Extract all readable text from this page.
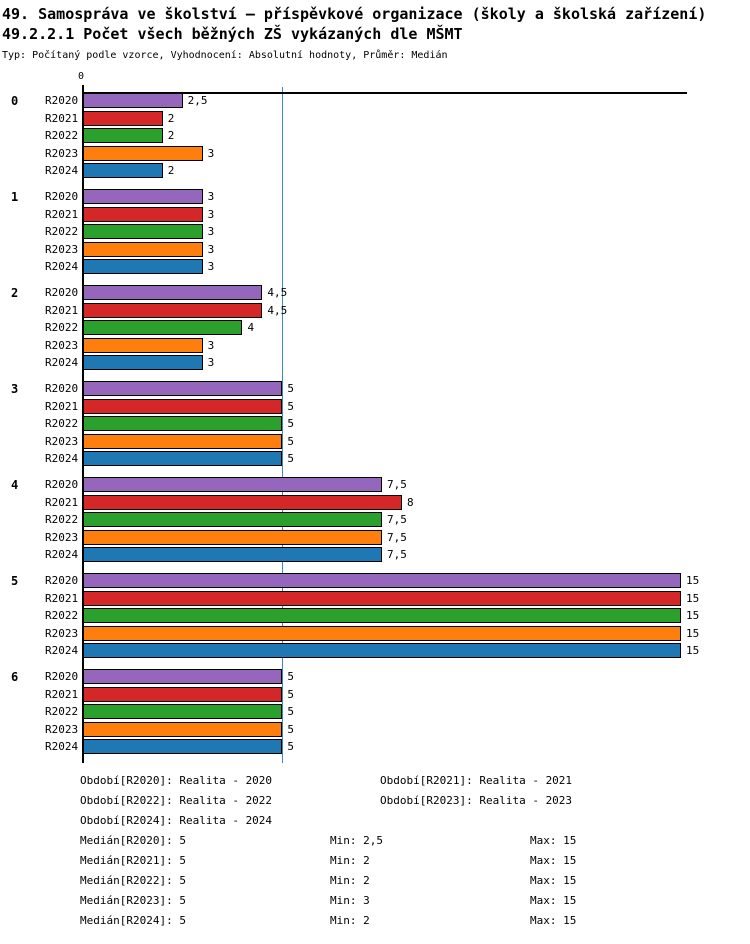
49. Samospráva ve školství – příspěvkové organizace (školy a školská zařízení)
49.2.2.1 Počet všech běžných ZŠ vykázaných dle MŠMT
Typ: Počítaný podle vzorce, Vyhodnocení: Absolutní hodnoty, Průměr: Medián
0
0 R2020	2,5
R2021	2
R2022	2
R2023	3
R2024	2
1 R2020	3
R2021	3
R2022	3
R2023	3
R2024	3
2 R2020	4,5
R2021	4,5
R2022	4
R2023	3
R2024	3
3 R2020	5
R2021	5
R2022	5
R2023	5
R2024	5
4 R2020	7,5
R2021	8
R2022	7,5
R2023	7,5
R2024	7,5
5 R2020	15
R2021	15
R2022	15
R2023	15
R2024	15
6 R2020	5
R2021	5
R2022	5
R2023	5
R2024	5
Období[R2020]: Realita - 2020	Období[R2021]: Realita - 2021
Období[R2022]: Realita - 2022	Období[R2023]: Realita - 2023
Období[R2024]: Realita - 2024
Medián[R2020]: 5	Min: 2,5	Max: 15
Medián[R2021]: 5	Min: 2	Max: 15
Medián[R2022]: 5	Min: 2	Max: 15
Medián[R2023]: 5	Min: 3	Max: 15
Medián[R2024]: 5	Min: 2	Max: 15
